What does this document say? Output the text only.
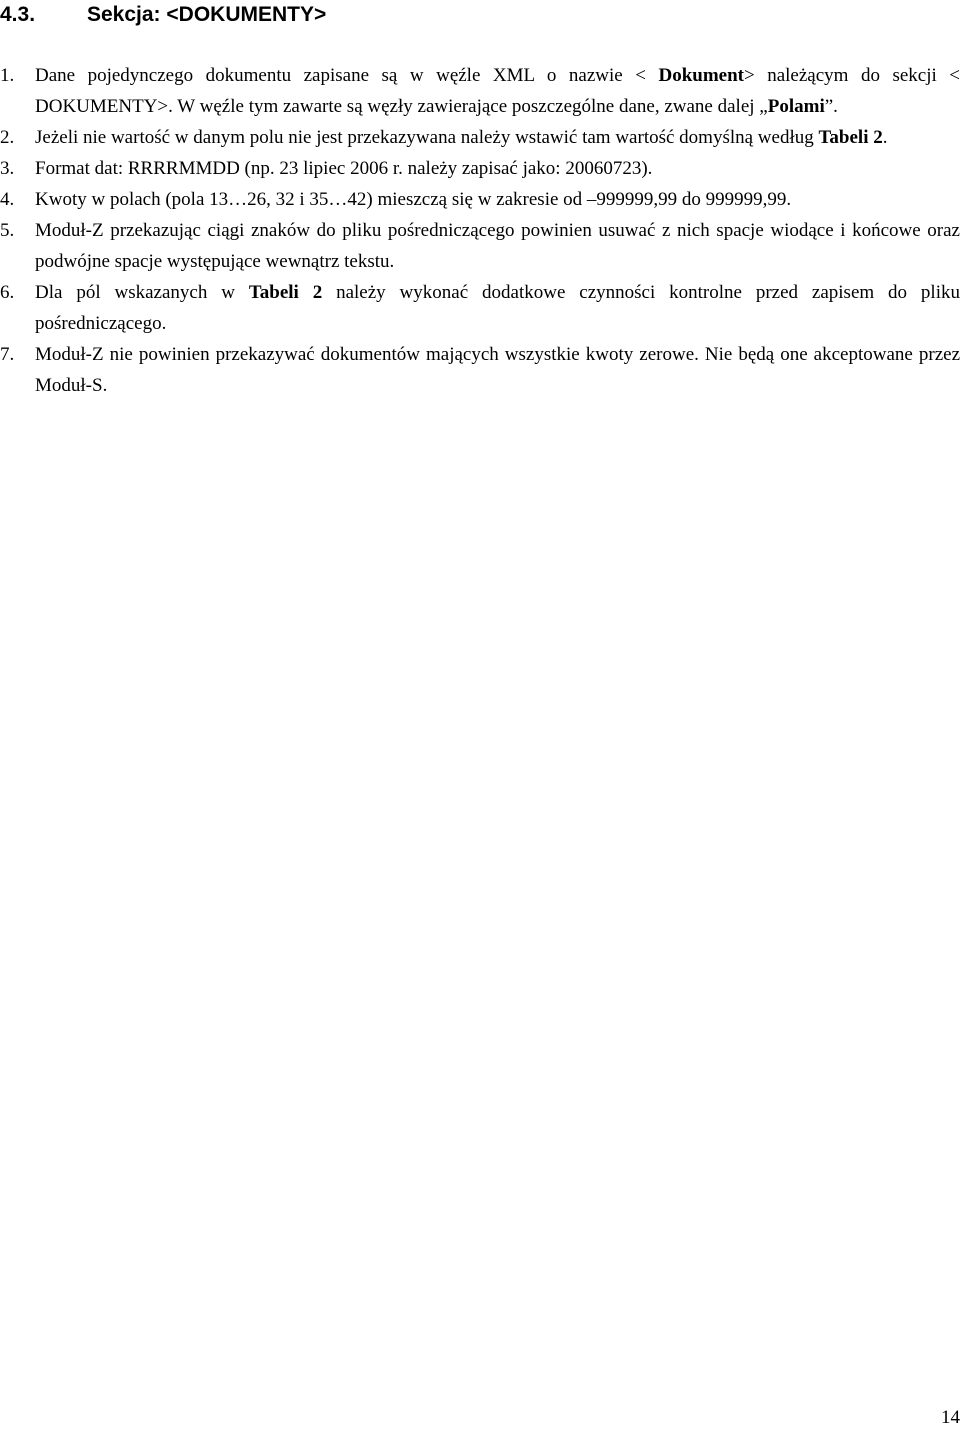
4.3. Sekcja: <DOKUMENTY>
1. Dane pojedynczego dokumentu zapisane są w węźle XML o nazwie < Dokument> należącym do sekcji < DOKUMENTY>. W węźle tym zawarte są węzły zawierające poszczególne dane, zwane dalej „Polami”.
2. Jeżeli nie wartość w danym polu nie jest przekazywana należy wstawić tam wartość domyślną według Tabeli 2.
3. Format dat: RRRRMMDD (np. 23 lipiec 2006 r. należy zapisać jako: 20060723).
4. Kwoty w polach (pola 13…26, 32 i 35…42) mieszczą się w zakresie od –999999,99 do 999999,99.
5. Moduł-Z przekazując ciągi znaków do pliku pośredniczącego powinien usuwać z nich spacje wiodące i końcowe oraz podwójne spacje występujące wewnątrz tekstu.
6. Dla pól wskazanych w Tabeli 2 należy wykonać dodatkowe czynności kontrolne przed zapisem do pliku pośredniczącego.
7. Moduł-Z nie powinien przekazywać dokumentów mających wszystkie kwoty zerowe. Nie będą one akceptowane przez Moduł-S.
14
